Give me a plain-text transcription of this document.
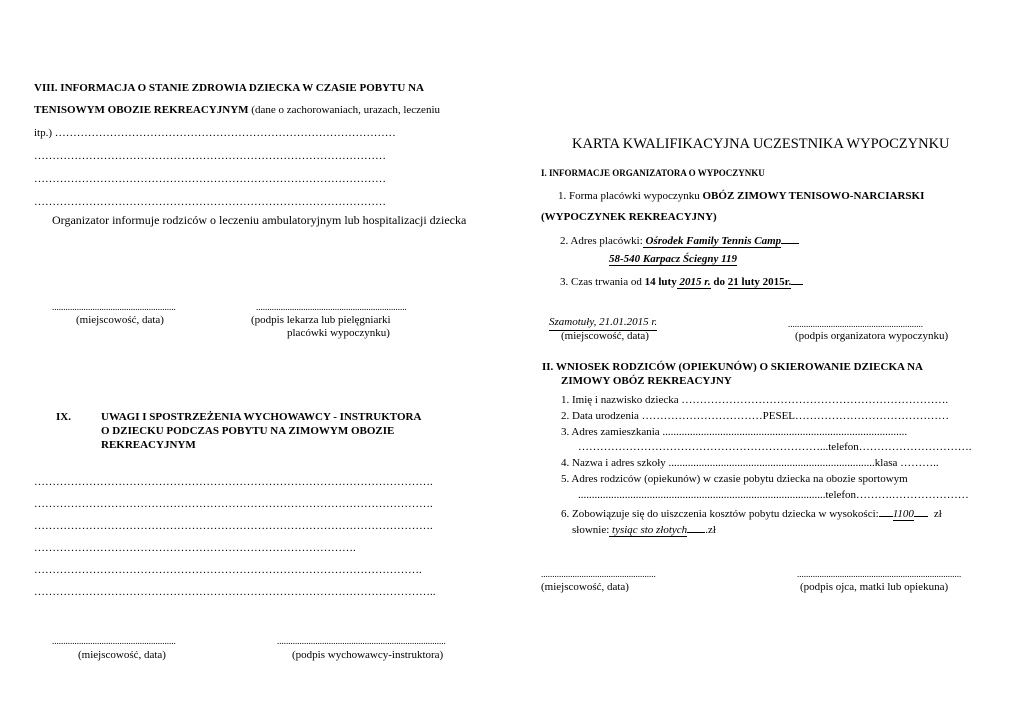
VIII. INFORMACJA O STANIE ZDROWIA DZIECKA W CZASIE POBYTU NA
TENISOWYM OBOZIE REKREACYJNYM (dane o zachorowaniach, urazach, leczeniu
itp.) …………………………………………………………………………………
……………………………………………………………………………………
……………………………………………………………………………………
……………………………………………………………………………………
Organizator informuje rodziców o leczeniu ambulatoryjnym lub hospitalizacji dziecka
.......................................................	...................................................................
(miejscowość, data)	(podpis lekarza lub pielęgniarki
placówki wypoczynku)
IX.	UWAGI I SPOSTRZEŻENIA WYCHOWAWCY - INSTRUKTORA
O DZIECKU PODCZAS POBYTU NA ZIMOWYM OBOZIE
REKREACYJNYM
……………………………………………………………………………………………….
……………………………………………………………………………………………….
……………………………………………………………………………………………….
…………………………………………………………………………….
…………………………………………………………………………………………….
………………………………………………………………………………………………..
.......................................................	...........................................................................
(miejscowość, data)	(podpis wychowawcy-instruktora)
KARTA KWALIFIKACYJNA UCZESTNIKA WYPOCZYNKU
I. INFORMACJE ORGANIZATORA O WYPOCZYNKU
1. Forma placówki wypoczynku OBÓZ ZIMOWY TENISOWO-NARCIARSKI
(WYPOCZYNEK REKREACYJNY)
2. Adres placówki: Ośrodek Family Tennis Camp
58-540 Karpacz Ściegny 119
3. Czas trwania od 14 luty 2015 r. do 21 luty 2015r.
Szamotuły, 21.01.2015 r.	............................................................
(miejscowość, data)	(podpis organizatora wypoczynku)
II. WNIOSEK RODZICÓW (OPIEKUNÓW) O SKIEROWANIE DZIECKA NA
ZIMOWY OBÓZ REKREACYJNY
1. Imię i nazwisko dziecka ……………………………………………………………….
2. Data urodzenia ……………………………PESEL……………………………………
3. Adres zamieszkania .........................................................................................
…………………………………………………………...telefon………………………….
4. Nazwa i adres szkoły ...........................................................................klasa ………..
5. Adres rodziców (opiekunów) w czasie pobytu dziecka na obozie sportowym
..........................................................................................telefon……….…………………
6. Zobowiązuje się do uiszczenia kosztów pobytu dziecka w wysokości: 1100 zł
słownie: tysiąc sto złotych .zł
...................................................	.........................................................................
(miejscowość, data)	(podpis ojca, matki lub opiekuna)
